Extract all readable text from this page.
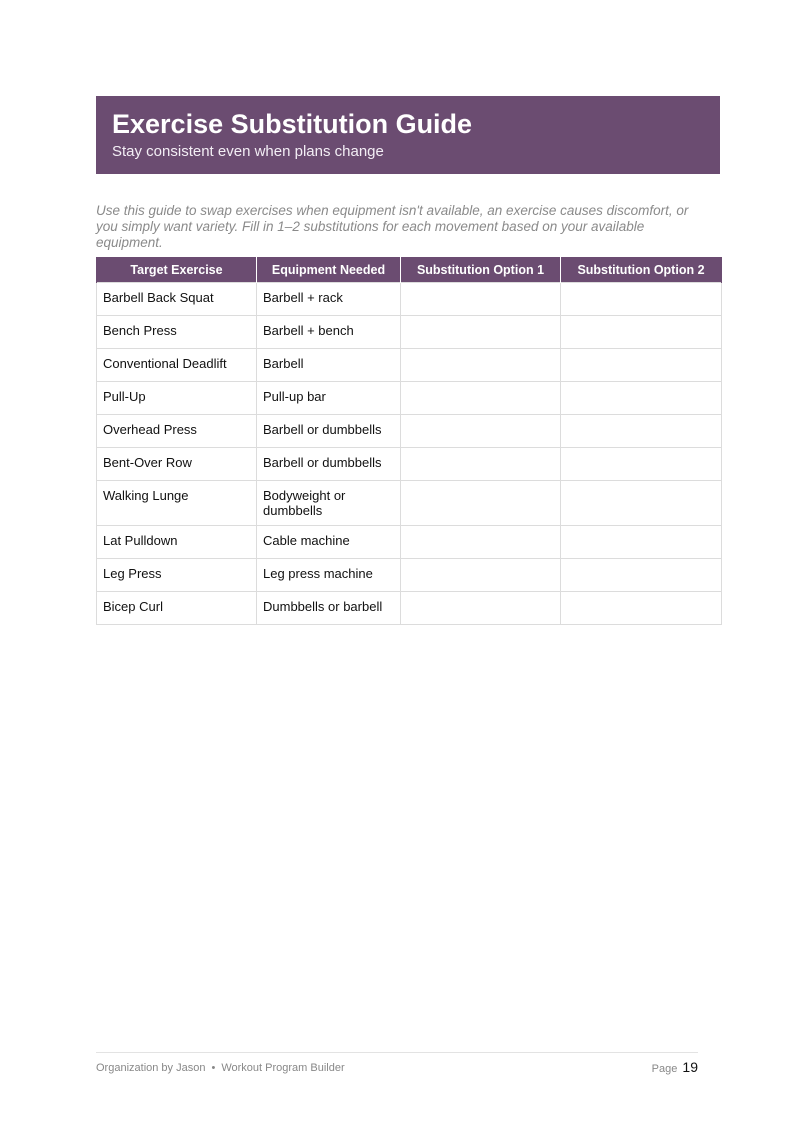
Exercise Substitution Guide
Stay consistent even when plans change
Use this guide to swap exercises when equipment isn't available, an exercise causes discomfort, or you simply want variety. Fill in 1–2 substitutions for each movement based on your available equipment.
Target Exercise	Equipment Needed	Substitution Option 1	Substitution Option 2
Barbell Back Squat	Barbell + rack		
Bench Press	Barbell + bench		
Conventional Deadlift	Barbell		
Pull-Up	Pull-up bar		
Overhead Press	Barbell or dumbbells		
Bent-Over Row	Barbell or dumbbells		
Walking Lunge	Bodyweight or dumbbells		
Lat Pulldown	Cable machine		
Leg Press	Leg press machine		
Bicep Curl	Dumbbells or barbell		
Organization by Jason • Workout Program Builder	Page 19
